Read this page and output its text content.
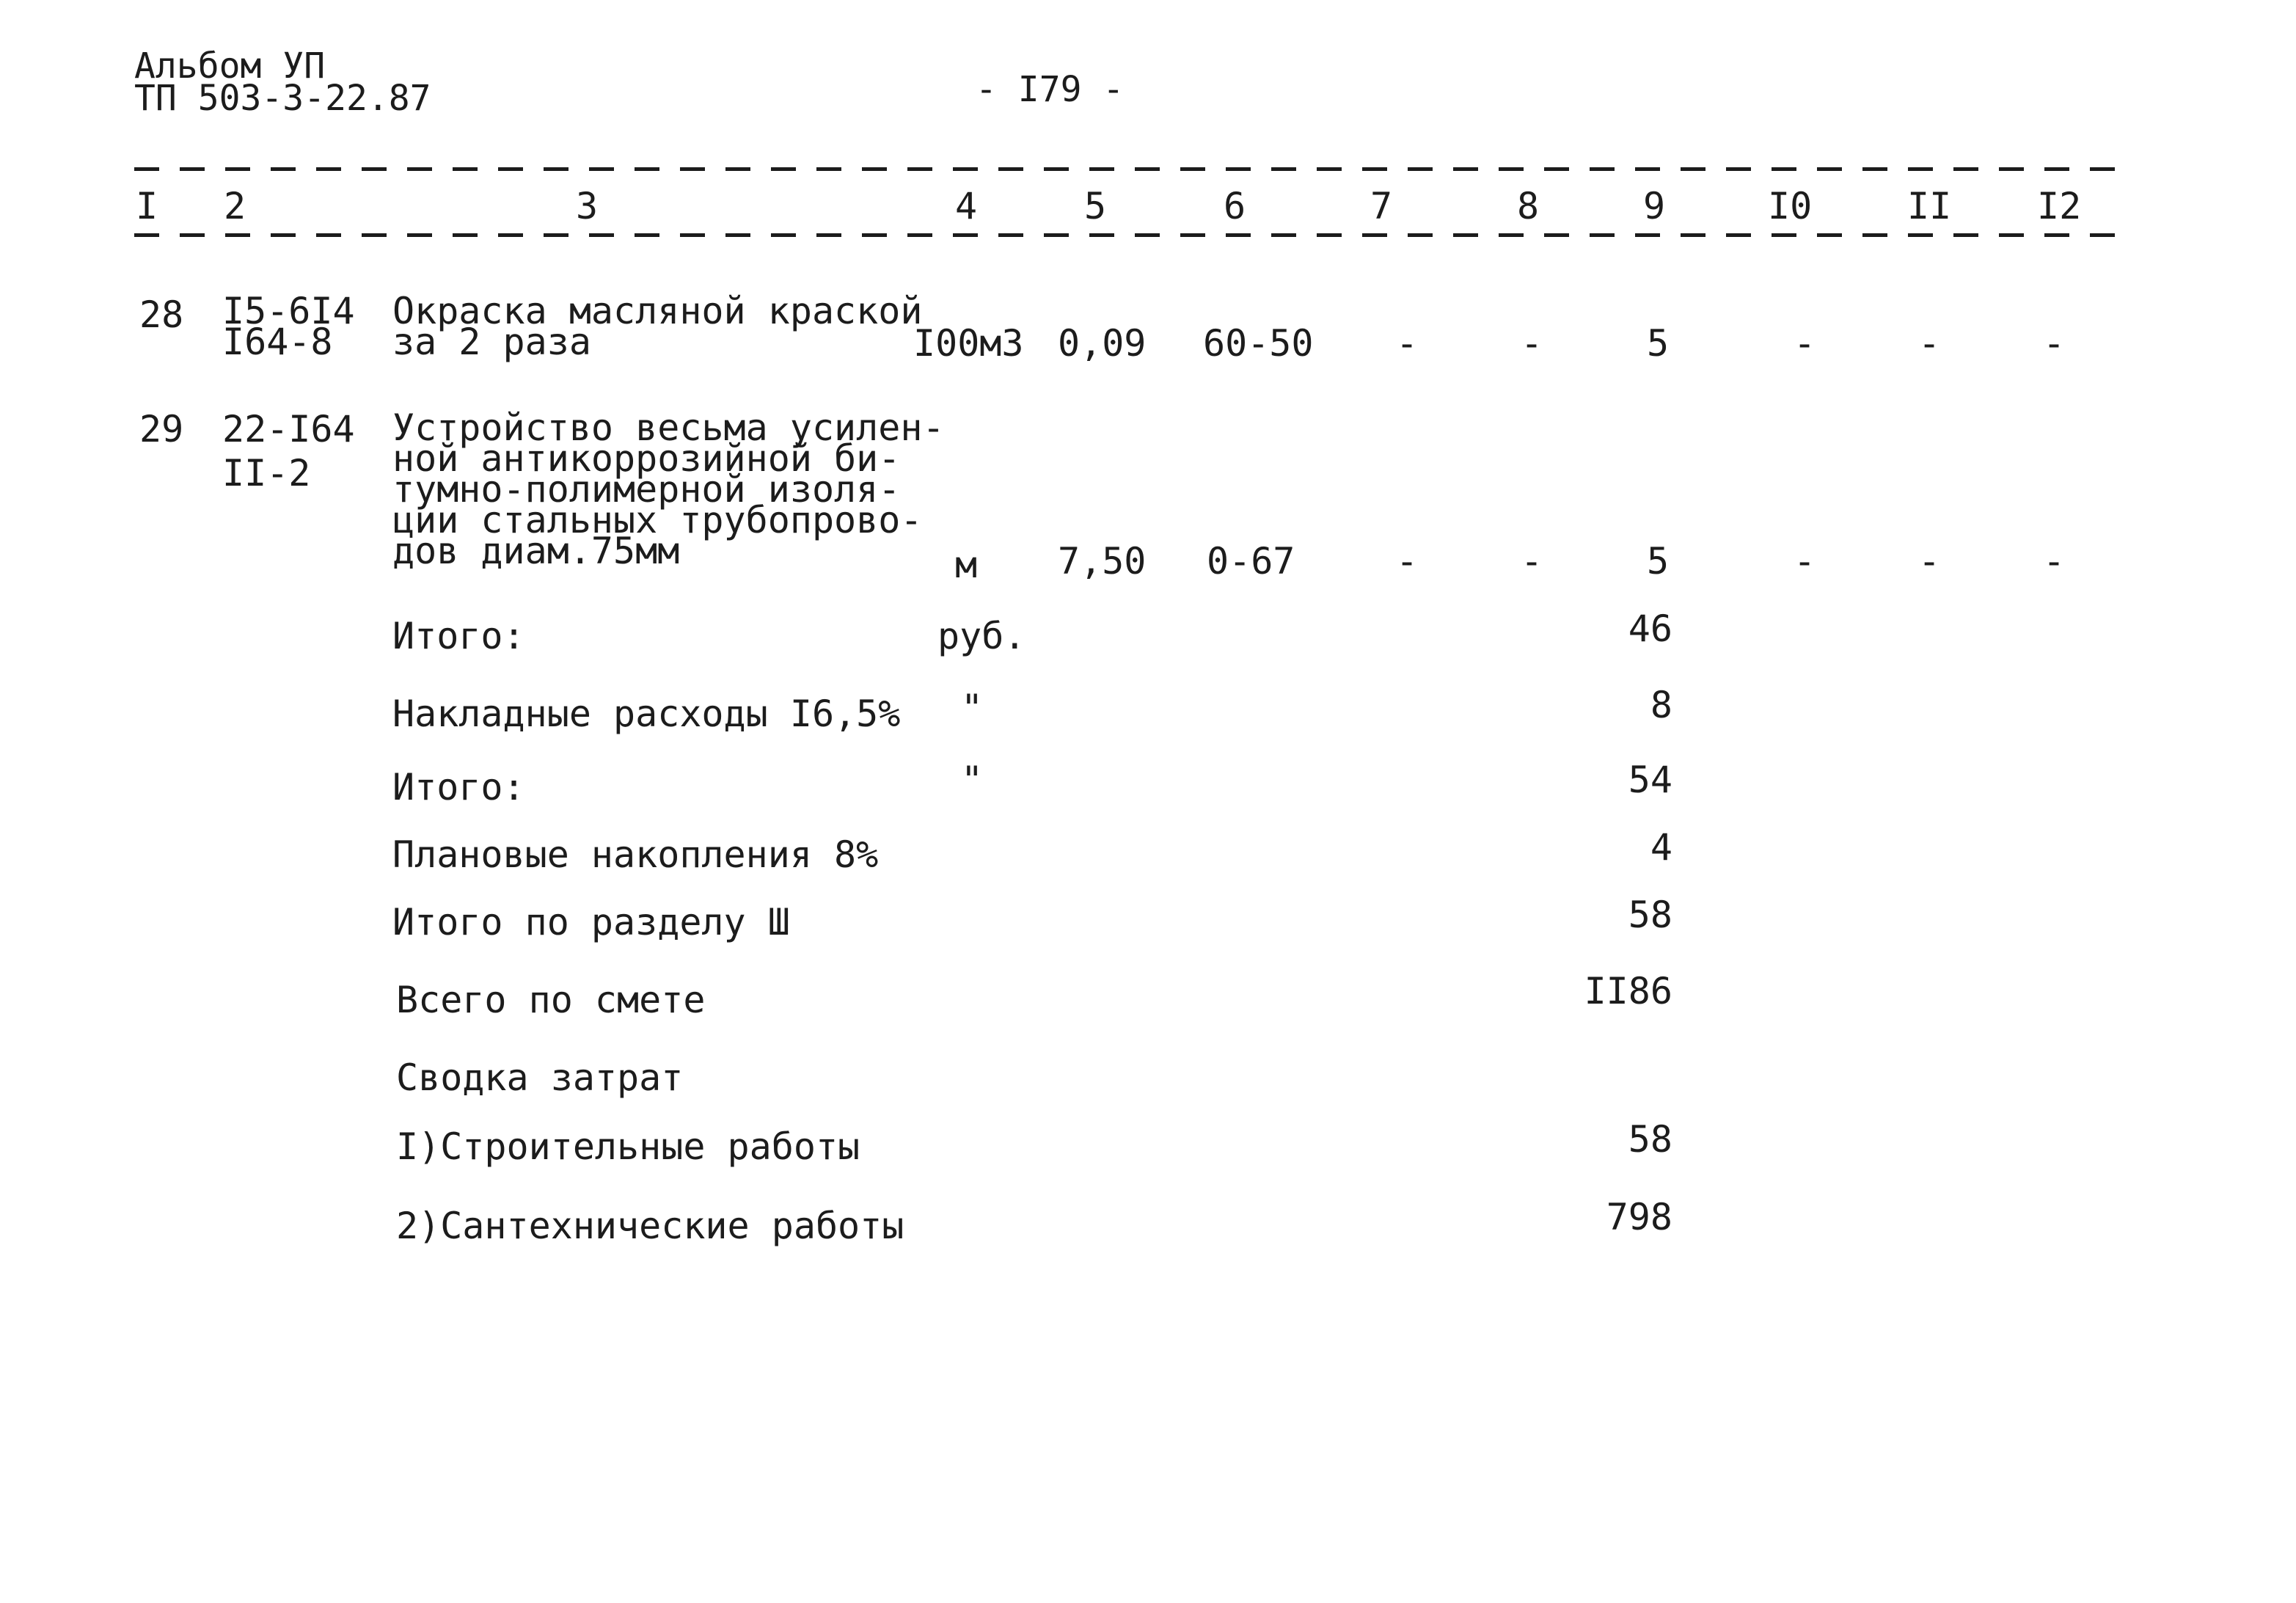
Альбом УП
ТП 503-3-22.87	- I79 -
I 2	3	4	5	6	7	8	9	I0	II I2
28 I5-6I4
I64-8
Окраска масляной краской
за 2 раза	I00м3 0,09 60-50 -	-	5	-	-	-
29 22-I64
II-2
Устройство весьма усилен-
ной антикоррозийной би-
тумно-полимерной изоля-
ции стальных трубопрово-
дов диам.75мм	м 7,50 0-67	-	-	5	-	-	-
Итого:	руб.	46
Накладные расходы I6,5% "	8
Итого:	"	54
Плановые накопления 8%	4
Итого по разделу Ш	58
Всего по смете	II86
Сводка затрат
I)Строительные работы	58
2)Сантехнические работы	798
